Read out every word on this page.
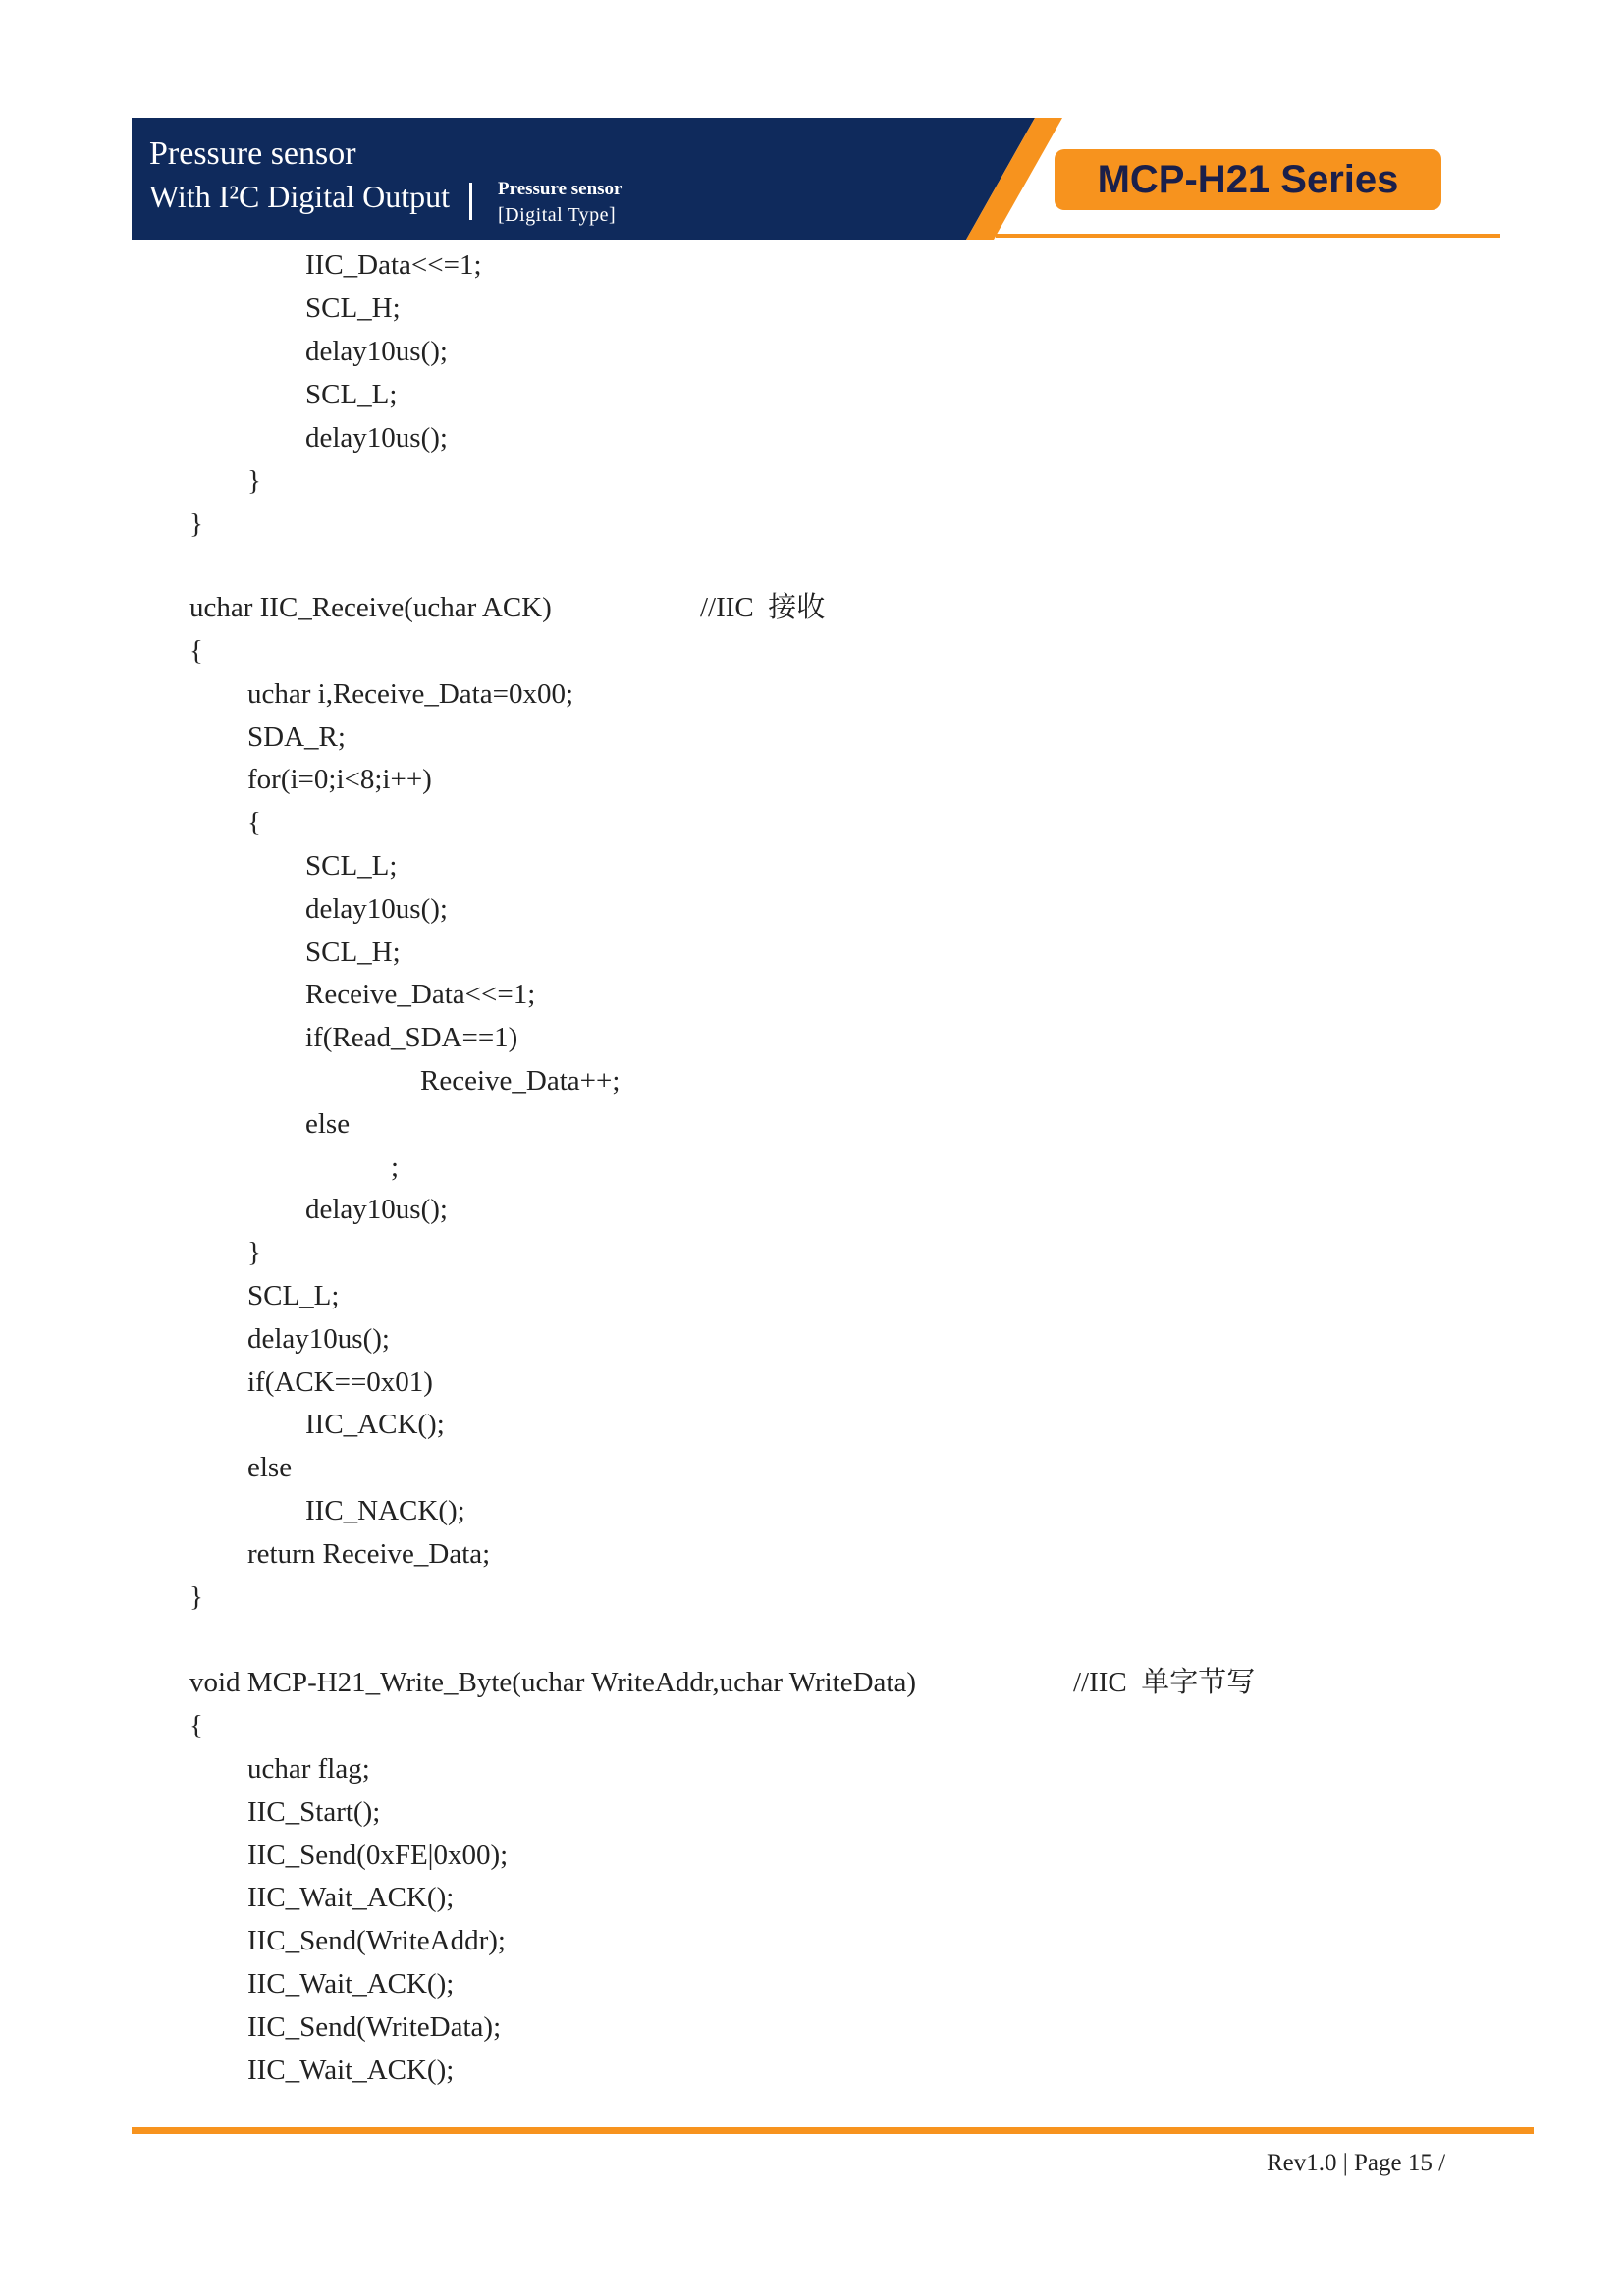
Pressure sensor
With I²C Digital Output	Pressure sensor
[Digital Type]
MCP-H21 Series
IIC_Data<<=1;
SCL_H;
delay10us();
SCL_L;
delay10us();
}
}
uchar IIC_Receive(uchar ACK)	//IIC  接收
{
uchar i,Receive_Data=0x00;
SDA_R;
for(i=0;i<8;i++)
{
SCL_L;
delay10us();
SCL_H;
Receive_Data<<=1;
if(Read_SDA==1)
Receive_Data++;
else
;
delay10us();
}
SCL_L;
delay10us();
if(ACK==0x01)
IIC_ACK();
else
IIC_NACK();
return Receive_Data;
}
void MCP-H21_Write_Byte(uchar WriteAddr,uchar WriteData)	//IIC  单字节写
{
uchar flag;
IIC_Start();
IIC_Send(0xFE|0x00);
IIC_Wait_ACK();
IIC_Send(WriteAddr);
IIC_Wait_ACK();
IIC_Send(WriteData);
IIC_Wait_ACK();
Rev1.0 | Page 15 /
